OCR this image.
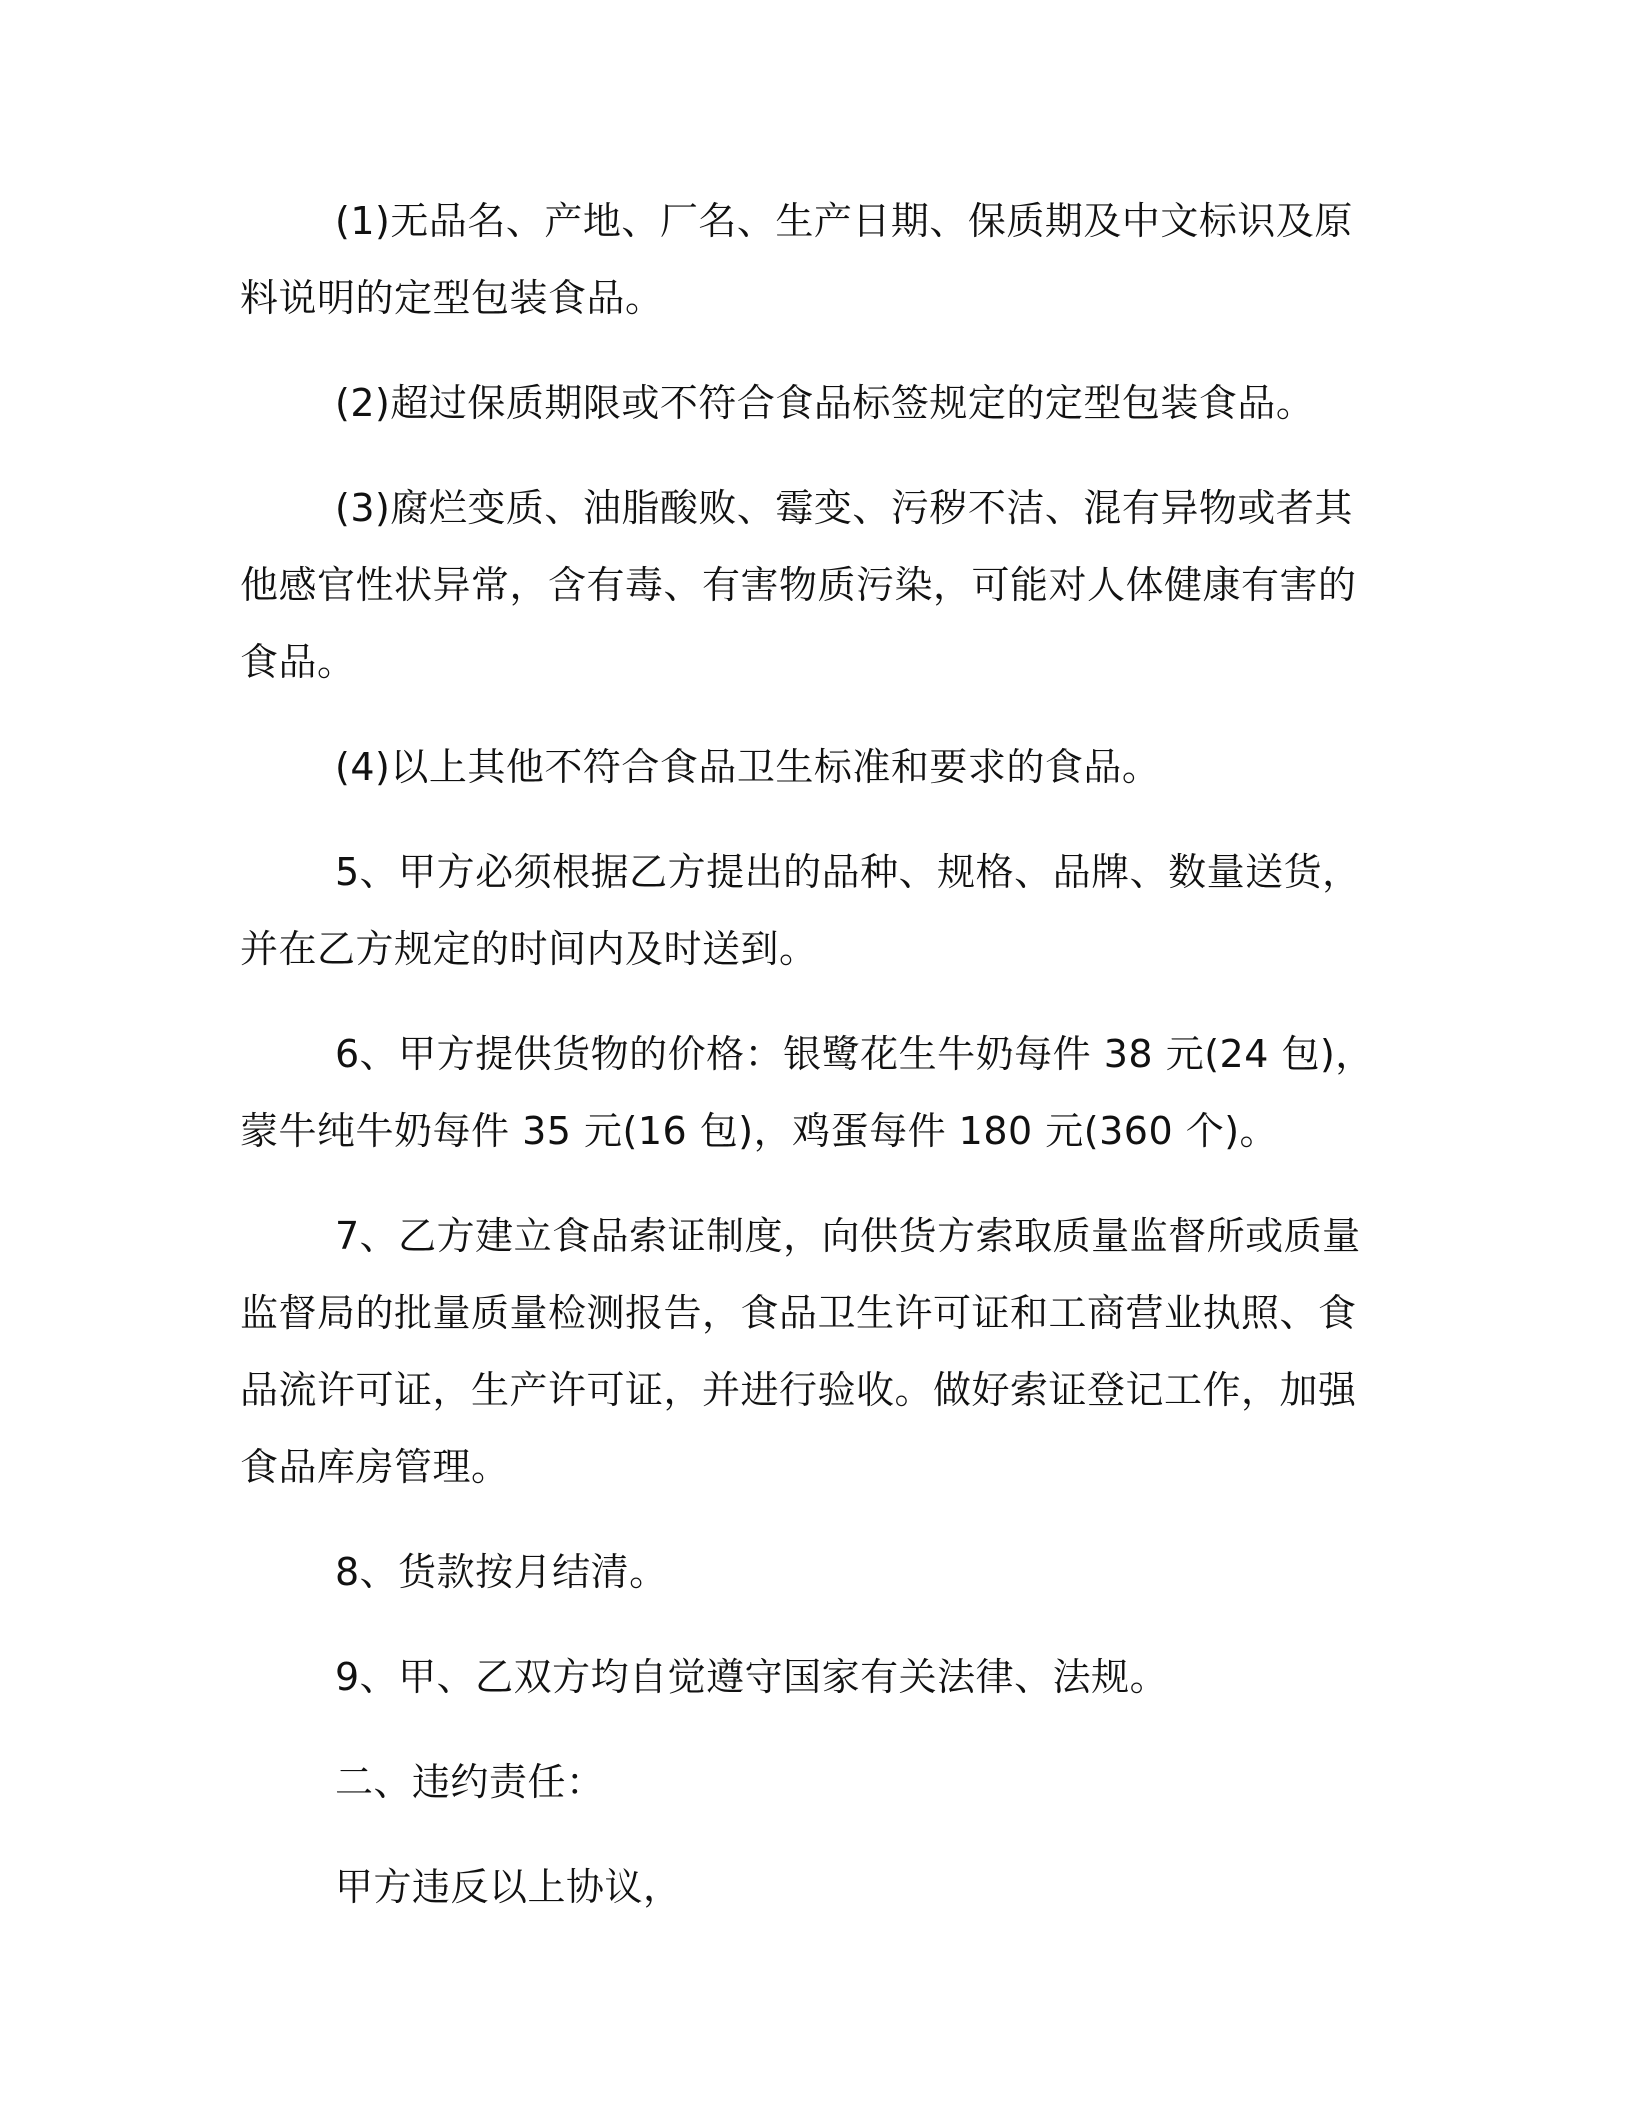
(1)无品名、产地、厂名、生产日期、保质期及中文标识及原料说明的定型包装食品。

(2)超过保质期限或不符合食品标签规定的定型包装食品。

(3)腐烂变质、油脂酸败、霉变、污秽不洁、混有异物或者其他感官性状异常，含有毒、有害物质污染，可能对人体健康有害的食品。

(4)以上其他不符合食品卫生标准和要求的食品。

5、甲方必须根据乙方提出的品种、规格、品牌、数量送货，并在乙方规定的时间内及时送到。

6、甲方提供货物的价格：银鹭花生牛奶每件 38 元(24 包)，蒙牛纯牛奶每件 35 元(16 包)，鸡蛋每件 180 元(360 个)。

7、乙方建立食品索证制度，向供货方索取质量监督所或质量监督局的批量质量检测报告，食品卫生许可证和工商营业执照、食品流许可证，生产许可证，并进行验收。做好索证登记工作，加强食品库房管理。

8、货款按月结清。

9、甲、乙双方均自觉遵守国家有关法律、法规。

二、违约责任：

甲方违反以上协议，
